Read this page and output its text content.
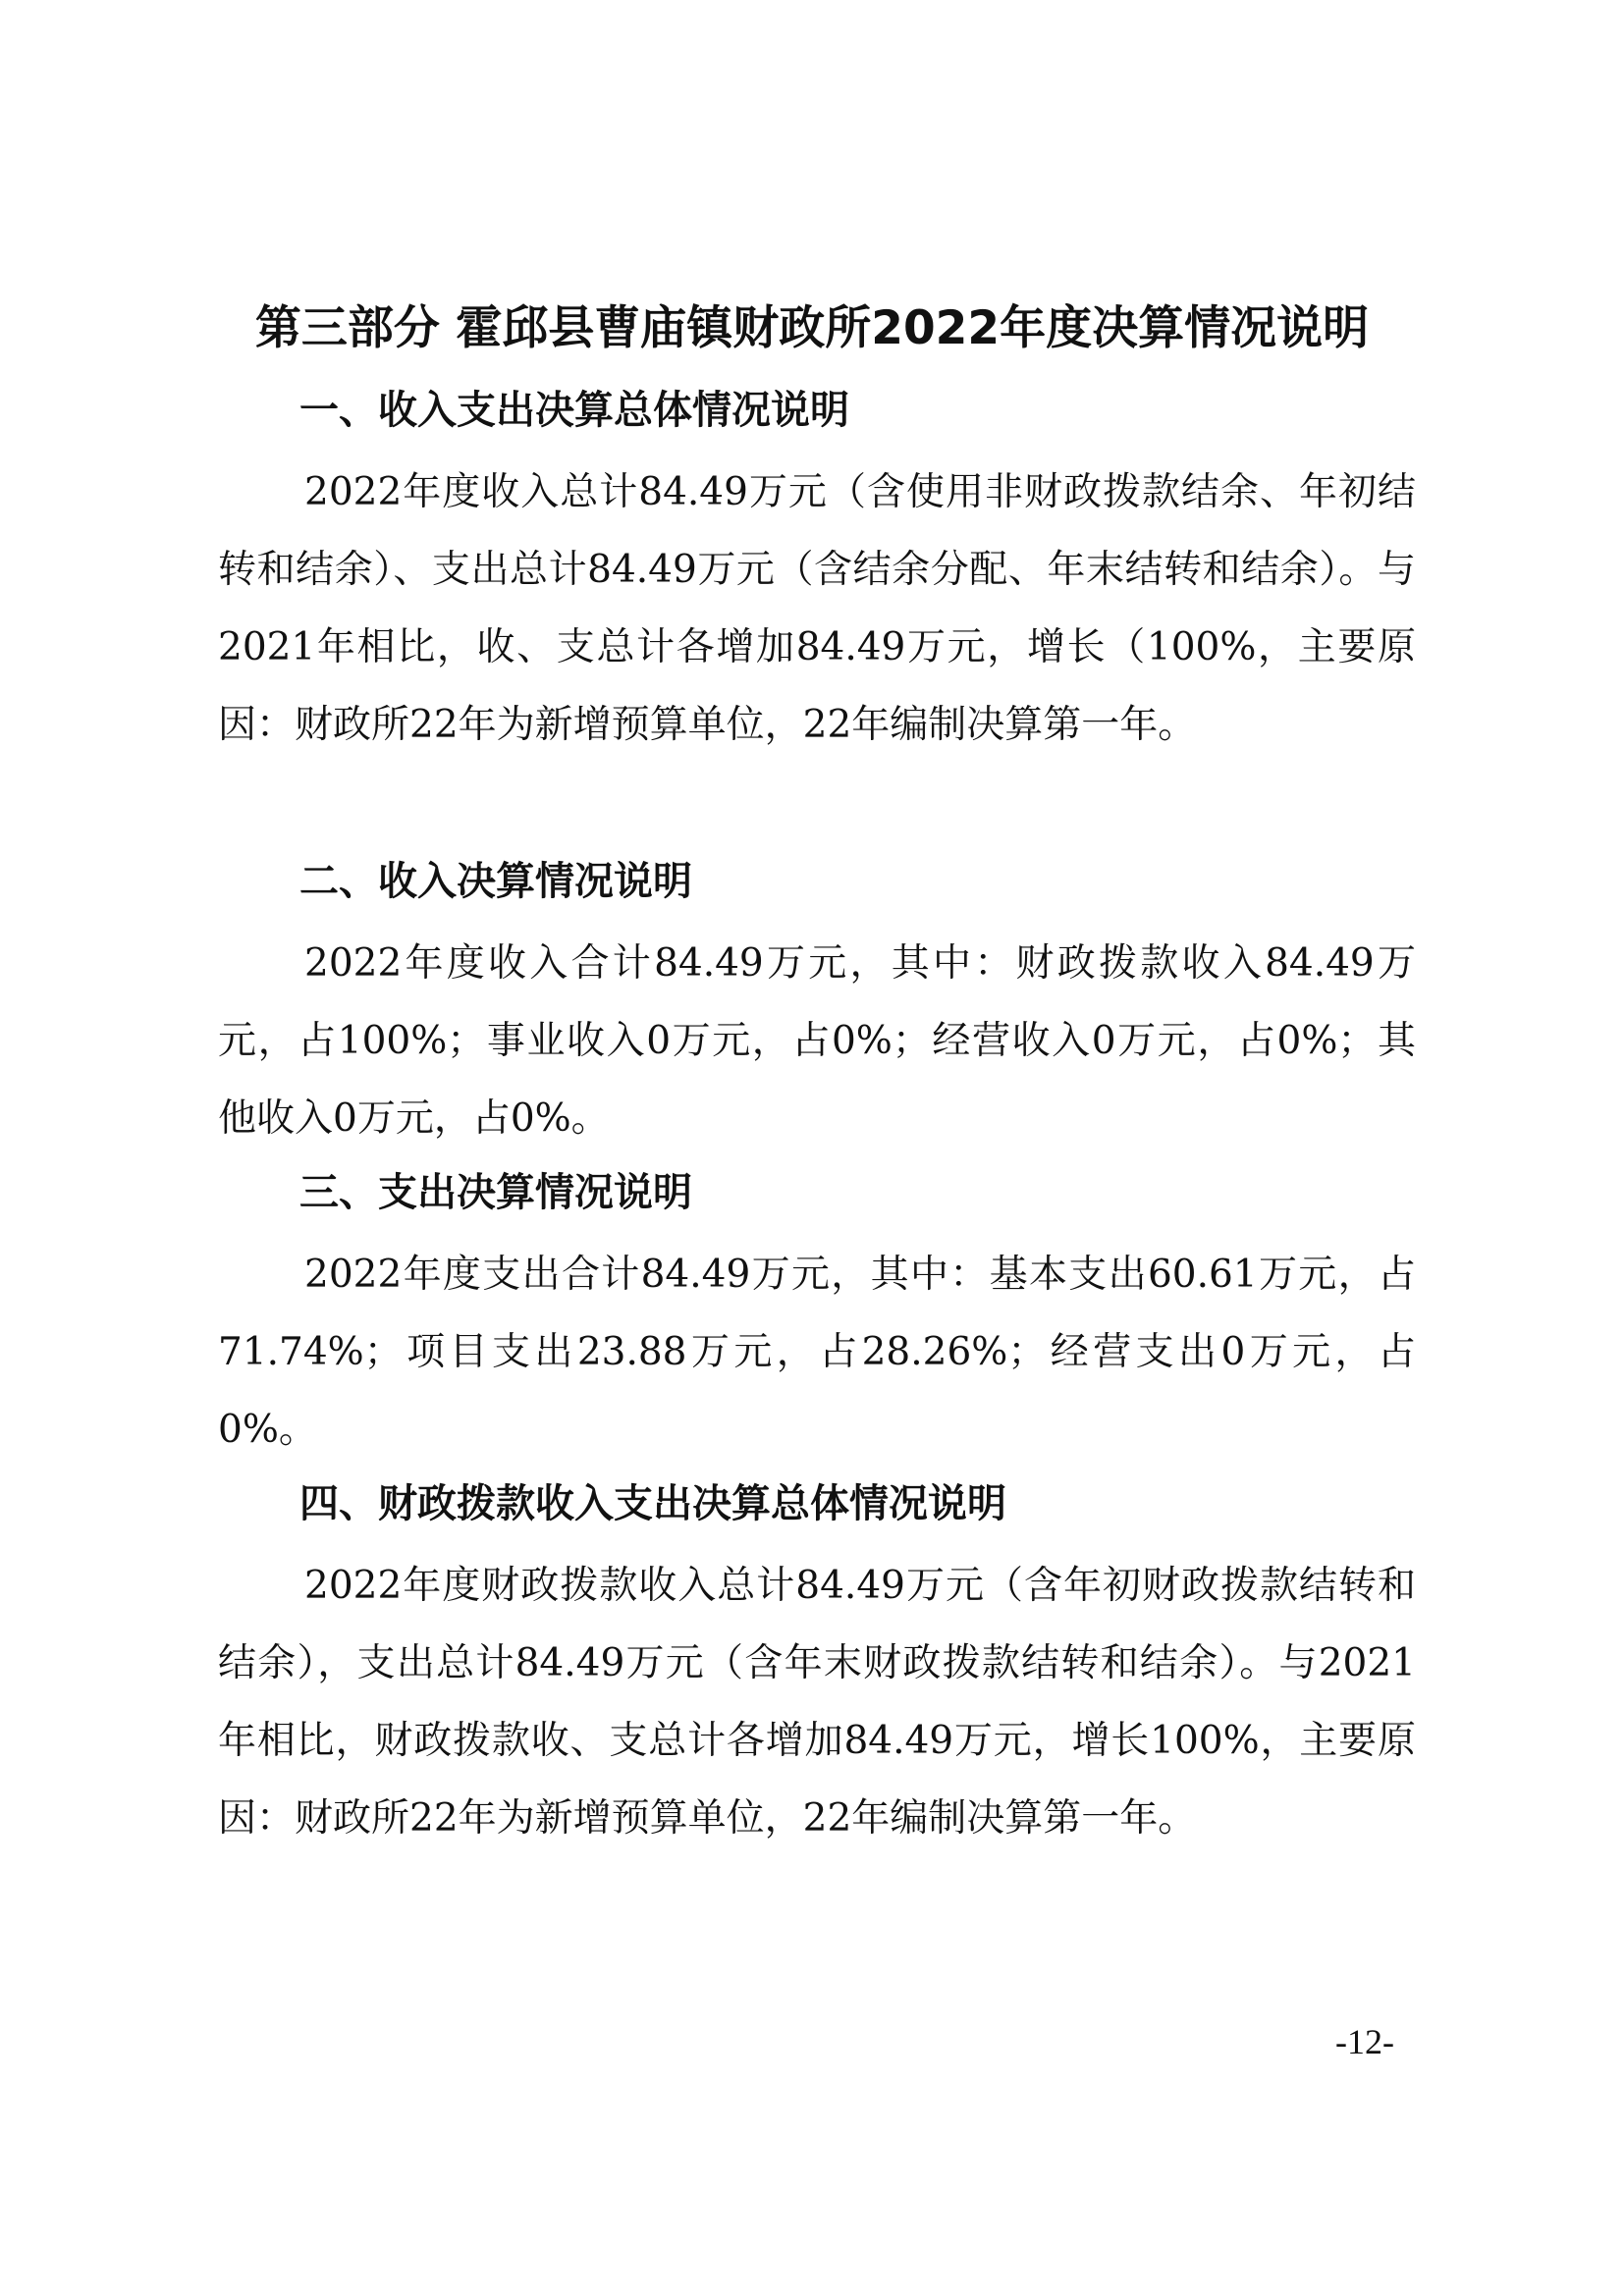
第三部分 霍邱县曹庙镇财政所2022年度决算情况说明
一、收入支出决算总体情况说明

2022年度收入总计84.49万元（含使用非财政拨款结余、年初结转和结余）、支出总计84.49万元（含结余分配、年末结转和结余）。与2021年相比，收、支总计各增加84.49万元，增长（100%，主要原因：财政所22年为新增预算单位，22年编制决算第一年。

二、收入决算情况说明

2022年度收入合计84.49万元，其中：财政拨款收入84.49万元，占100%；事业收入0万元，占0%；经营收入0万元，占0%；其他收入0万元，占0%。

三、支出决算情况说明

2022年度支出合计84.49万元，其中：基本支出60.61万元，占71.74%；项目支出23.88万元，占28.26%；经营支出0万元，占0%。

四、财政拨款收入支出决算总体情况说明

2022年度财政拨款收入总计84.49万元（含年初财政拨款结转和结余），支出总计84.49万元（含年末财政拨款结转和结余）。与2021年相比，财政拨款收、支总计各增加84.49万元，增长100%，主要原因：财政所22年为新增预算单位，22年编制决算第一年。

-12-
